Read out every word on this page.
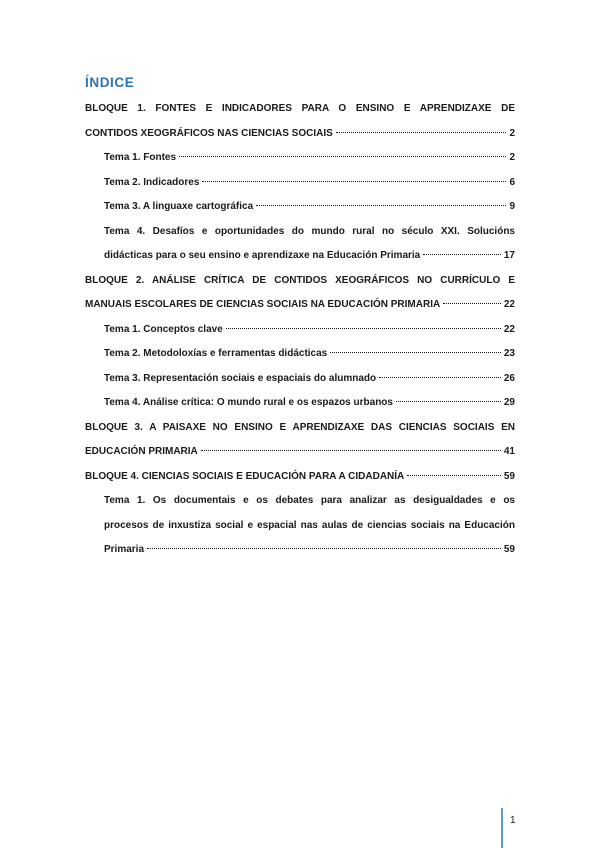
ÍNDICE
BLOQUE 1. FONTES E INDICADORES PARA O ENSINO E APRENDIZAXE DE
CONTIDOS XEOGRÁFICOS NAS CIENCIAS SOCIAIS	2
Tema 1. Fontes	2
Tema 2. Indicadores	6
Tema 3. A linguaxe cartográfica	9
Tema 4. Desafíos e oportunidades do mundo rural no século XXI. Solucións
didácticas para o seu ensino e aprendizaxe na Educación Primaria	17
BLOQUE 2. ANÁLISE CRÍTICA DE CONTIDOS XEOGRÁFICOS NO CURRÍCULO E
MANUAIS ESCOLARES DE CIENCIAS SOCIAIS NA EDUCACIÓN PRIMARIA	22
Tema 1. Conceptos clave	22
Tema 2. Metodoloxías e ferramentas didácticas	23
Tema 3. Representación sociais e espaciais do alumnado	26
Tema 4. Análise crítica: O mundo rural e os espazos urbanos	29
BLOQUE 3. A PAISAXE NO ENSINO E APRENDIZAXE DAS CIENCIAS SOCIAIS EN
EDUCACIÓN PRIMARIA	41
BLOQUE 4. CIENCIAS SOCIAIS E EDUCACIÓN PARA A CIDADANÍA	59
Tema 1. Os documentais e os debates para analizar as desigualdades e os
procesos de inxustiza social e espacial nas aulas de ciencias sociais na Educación
Primaria	59
1
